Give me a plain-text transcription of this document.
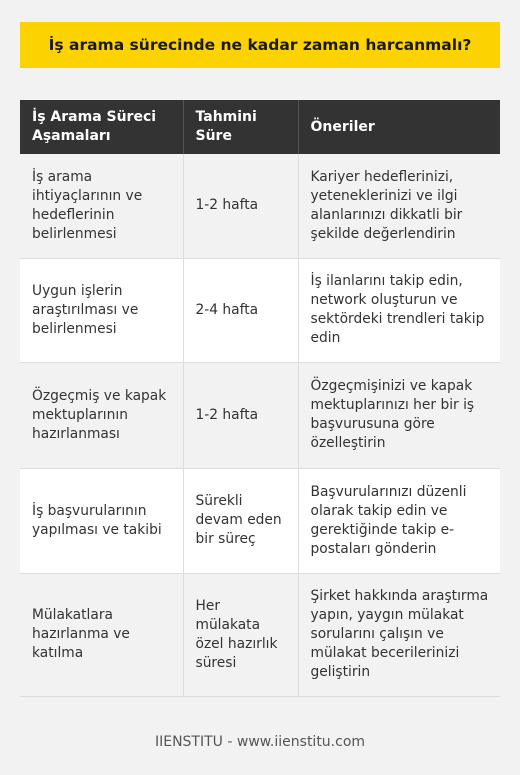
İş arama sürecinde ne kadar zaman harcanmalı?
İş Arama Süreci Aşamaları	Tahmini Süre	Öneriler
İş arama ihtiyaçlarının ve hedeflerinin belirlenmesi	1-2 hafta	Kariyer hedeflerinizi, yeteneklerinizi ve ilgi alanlarınızı dikkatli bir şekilde değerlendirin
Uygun işlerin araştırılması ve belirlenmesi	2-4 hafta	İş ilanlarını takip edin, network oluşturun ve sektördeki trendleri takip edin
Özgeçmiş ve kapak mektuplarının hazırlanması	1-2 hafta	Özgeçmişinizi ve kapak mektuplarınızı her bir iş başvurusuna göre özelleştirin
İş başvurularının yapılması ve takibi	Sürekli devam eden bir süreç	Başvurularınızı düzenli olarak takip edin ve gerektiğinde takip e-postaları gönderin
Mülakatlara hazırlanma ve katılma	Her mülakata özel hazırlık süresi	Şirket hakkında araştırma yapın, yaygın mülakat sorularını çalışın ve mülakat becerilerinizi geliştirin
IIENSTITU - www.iienstitu.com
